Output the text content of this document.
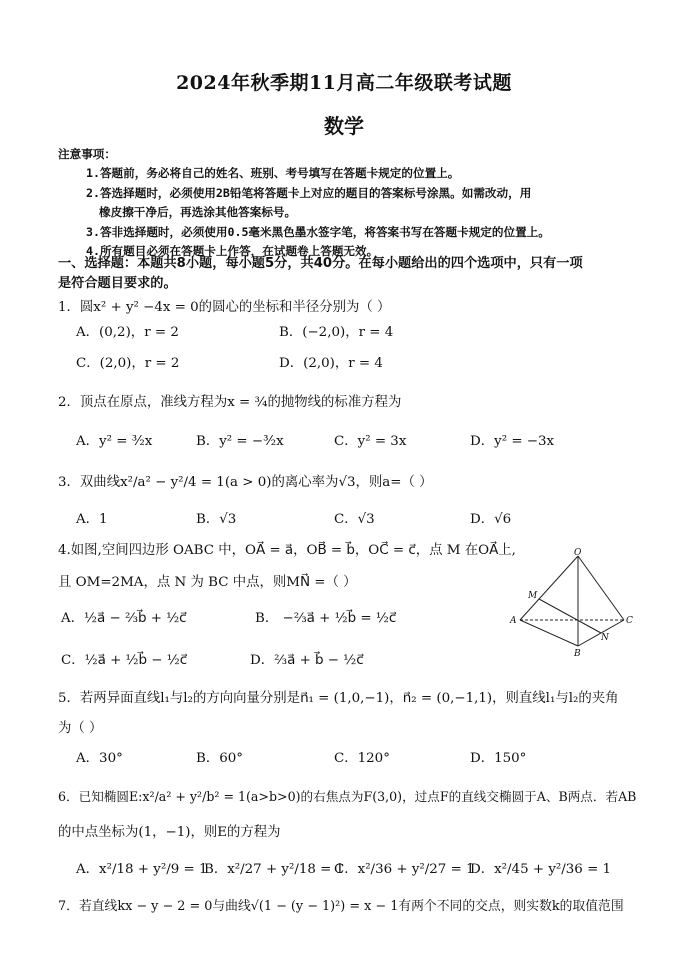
2024年秋季期11月高二年级联考试题
数学
注意事项：
1.答题前，务必将自己的姓名、班别、考号填写在答题卡规定的位置上。
2.答选择题时，必须使用2B铅笔将答题卡上对应的题目的答案标号涂黑。如需改动，用
橡皮擦干净后，再选涂其他答案标号。
3.答非选择题时，必须使用0.5毫米黑色墨水签字笔，将答案书写在答题卡规定的位置上。
4.所有题目必须在答题卡上作答，在试题卷上答题无效。
一、选择题：本题共8小题，每小题5分，共40分。在每小题给出的四个选项中，只有一项
是符合题目要求的。
1．圆x² + y² −4x = 0的圆心的坐标和半径分别为（ ）
A．(0,2)，r = 2	B．(−2,0)，r = 4
C．(2,0)，r = 2	D．(2,0)，r = 4
2．顶点在原点，准线方程为x = ¾的抛物线的标准方程为
A．y² = ³⁄₂x	B．y² = −³⁄₂x	C．y² = 3x	D．y² = −3x
3．双曲线x²/a² − y²/4 = 1(a > 0)的离心率为√3，则a=（ ）
A．1	B．√3	C．√3	D．√6
4.如图,空间四边形 OABC 中，OA⃗ = a⃗，OB⃗ = b⃗，OC⃗ = c⃗，点 M 在OA⃗上,
且 OM=2MA，点 N 为 BC 中点，则MN⃗ =（ ）
A．½a⃗ − ⅔b⃗ + ½c⃗	B． −⅔a⃗ + ½b⃗ = ½c⃗
C．½a⃗ + ½b⃗ − ½c⃗	D．⅔a⃗ + b⃗ − ½c⃗
O
M
A
B
C
N
5．若两异面直线l₁与l₂的方向向量分别是n⃗₁ = (1,0,−1)，n⃗₂ = (0,−1,1)，则直线l₁与l₂的夹角
为（ ）
A．30°	B．60°	C．120°	D．150°
6．已知椭圆E:x²/a² + y²/b² = 1(a>b>0)的右焦点为F(3,0)，过点F的直线交椭圆于A、B两点．若AB
的中点坐标为(1，−1)，则E的方程为
A．x²/18 + y²/9 = 1
B．x²/27 + y²/18 = 1
C．x²/36 + y²/27 = 1
D．x²/45 + y²/36 = 1
7．若直线kx − y − 2 = 0与曲线√(1 − (y − 1)²) = x − 1有两个不同的交点，则实数k的取值范围
